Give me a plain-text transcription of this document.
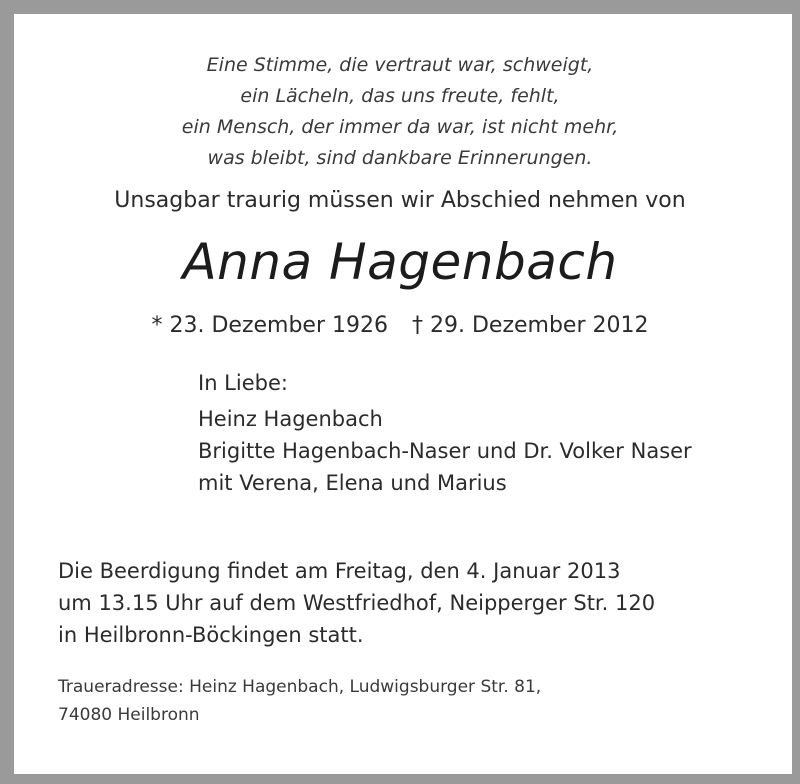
Eine Stimme, die vertraut war, schweigt,
ein Lächeln, das uns freute, fehlt,
ein Mensch, der immer da war, ist nicht mehr,
was bleibt, sind dankbare Erinnerungen.
Unsagbar traurig müssen wir Abschied nehmen von
Anna Hagenbach
* 23. Dezember 1926 † 29. Dezember 2012
In Liebe:
Heinz Hagenbach
Brigitte Hagenbach-Naser und Dr. Volker Naser
mit Verena, Elena und Marius
Die Beerdigung findet am Freitag, den 4. Januar 2013
um 13.15 Uhr auf dem Westfriedhof, Neipperger Str. 120
in Heilbronn-Böckingen statt.
Traueradresse: Heinz Hagenbach, Ludwigsburger Str. 81,
74080 Heilbronn
